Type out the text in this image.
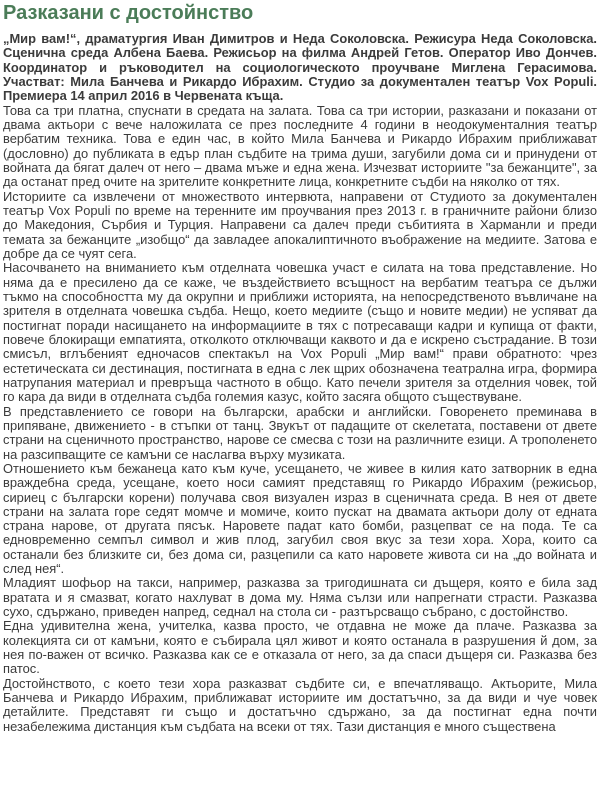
Разказани с достойнство

„Мир вам!“, драматургия Иван Димитров и Неда Соколовска. Режисура Неда Соколовска. Сценична среда Албена Баева. Режисьор на филма Андрей Гетов. Оператор Иво Дончев. Координатор и ръководител на социологическото проучване Миглена Герасимова. Участват: Мила Банчева и Рикардо Ибрахим. Студио за документален театър Vox Populi. Премиера 14 април 2016 в Червената къща.

Това са три платна, спуснати в средата на залата. Това са три истории, разказани и показани от двама актьори с вече наложилата се през последните 4 години в неодокументалния театър вербатим техника. Това е един час, в който Мила Банчева и Рикардо Ибрахим приближават (дословно) до публиката в едър план съдбите на трима души, загубили дома си и принудени от войната да бягат далеч от него – двама мъже и една жена. Изчезват историите "за бежанците", за да останат пред очите на зрителите конкретните лица, конкретните съдби на няколко от тях.

Историите са извлечени от множеството интервюта, направени от Студиото за документален театър Vox Populi по време на теренните им проучвания през 2013 г. в граничните райони близо до Македония, Сърбия и Турция. Направени са далеч преди събитията в Харманли и преди темата за бежанците „изобщо“ да завладее апокалиптичното въображение на медиите. Затова е добре да се чуят сега.

Насочването на вниманието към отделната човешка участ е силата на това представление. Но няма да е пресилено да се каже, че въздействието всъщност на вербатим театъра се дължи тъкмо на способността му да окрупни и приближи историята, на непосредственото въвличане на зрителя в отделната човешка съдба. Нещо, което медиите (също и новите медии) не успяват да постигнат поради насищането на информациите в тях с потресаващи кадри и купища от факти, повече блокиращи емпатията, отколкото отключващи каквото и да е искрено състрадание. В този смисъл, вглъбеният едночасов спектакъл на Vox Populi „Мир вам!“ прави обратното: чрез естетическата си дестинация, постигната в една с лек щрих обозначена театрална игра, формира натрупания материал и превръща частното в общо. Като печели зрителя за отделния човек, той го кара да види в отделната съдба големия казус, който засяга общото съществуване.

В представлението се говори на български, арабски и английски. Говоренето преминава в припяване, движението - в стъпки от танц. Звукът от падащите от скелетата, поставени от двете страни на сценичното пространство, нарове се смесва с този на различните езици. А трополенето на разсипващите се камъни се наслагва върху музиката.

Отношението към бежанеца като към куче, усещането, че живее в килия като затворник в една враждебна среда, усещане, което носи самият представящ го Рикардо Ибрахим (режисьор, сириец с български корени) получава своя визуален израз в сценичната среда. В нея от двете страни на залата горе седят момче и момиче, които пускат на двамата актьори долу от едната страна нарове, от другата пясък. Наровете падат като бомби, разцепват се на пода. Те са едновременно семпъл символ и жив плод, загубил своя вкус за тези хора. Хора, които са останали без близките си, без дома си, разцепили са като наровете живота си на „до войната и след нея“.

Младият шофьор на такси, например, разказва за тригодишната си дъщеря, която е била зад вратата и я смазват, когато нахлуват в дома му. Няма сълзи или напрегнати страсти. Разказва сухо, сдържано, приведен напред, седнал на стола си - разтърсващо събрано, с достойнство.

Една удивителна жена, учителка, казва просто, че отдавна не може да плаче. Разказва за колекцията си от камъни, която е събирала цял живот и която останала в разрушения й дом, за нея по-важен от всичко. Разказва как се е отказала от него, за да спаси дъщеря си. Разказва без патос.

Достойнството, с което тези хора разказват съдбите си, е впечатляващо. Актьорите, Мила Банчева и Рикардо Ибрахим, приближават историите им достатъчно, за да види и чуе човек детайлите. Представят ги също и достатъчно сдържано, за да постигнат една почти незабележима дистанция към съдбата на всеки от тях. Тази дистанция е много съществена
